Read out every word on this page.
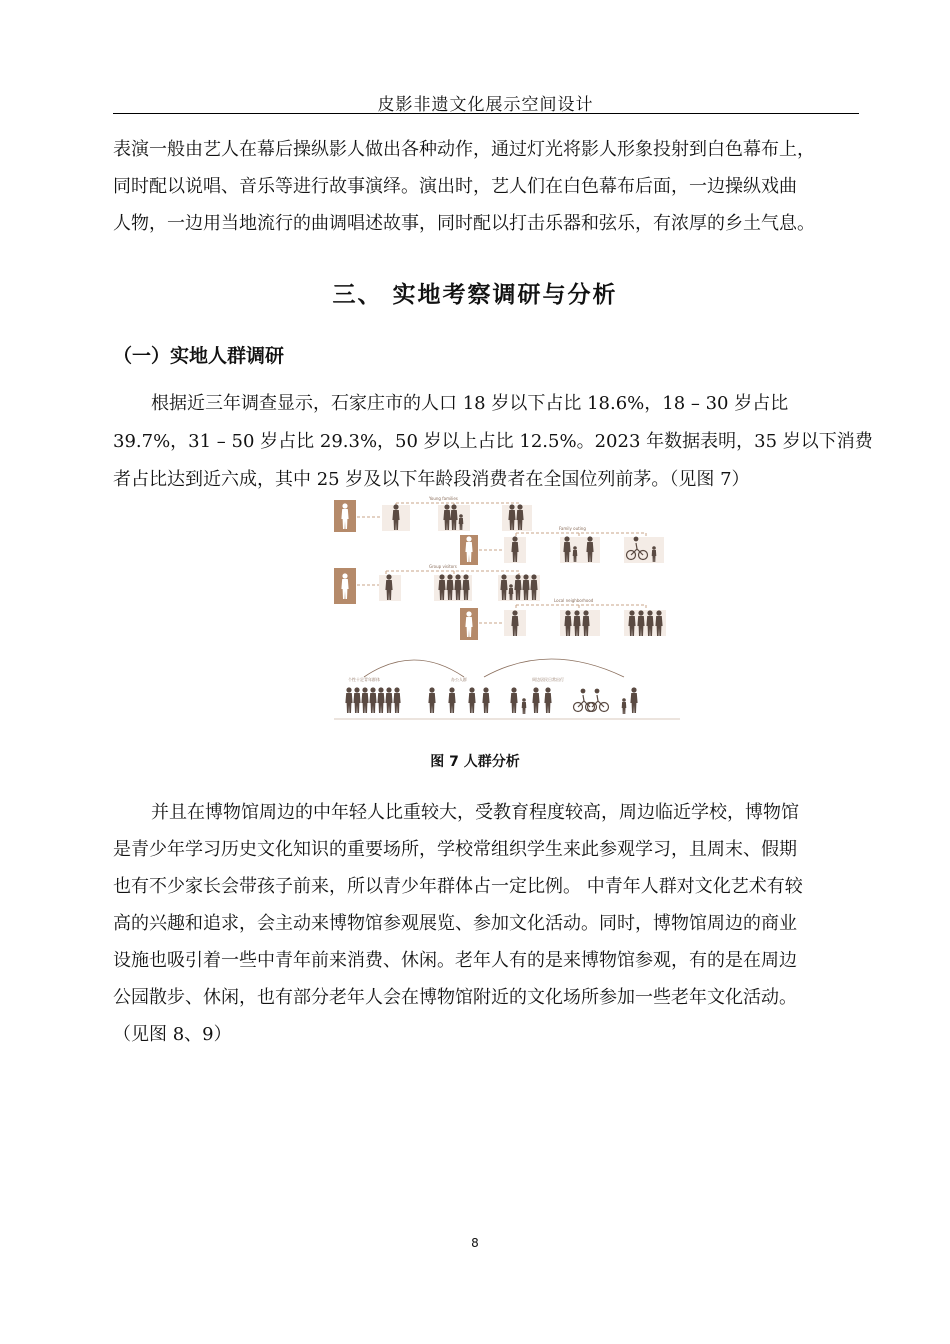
皮影非遗文化展示空间设计
表演一般由艺人在幕后操纵影人做出各种动作，通过灯光将影人形象投射到白色幕布上，
同时配以说唱、音乐等进行故事演绎。演出时，艺人们在白色幕布后面，一边操纵戏曲
人物，一边用当地流行的曲调唱述故事，同时配以打击乐器和弦乐，有浓厚的乡土气息。
三、 实地考察调研与分析
（一）实地人群调研
根据近三年调查显示，石家庄市的人口 18 岁以下占比 18.6%，18 – 30 岁占比
39.7%，31 – 50 岁占比 29.3%，50 岁以上占比 12.5%。2023 年数据表明，35 岁以下消费
者占比达到近六成，其中 25 岁及以下年龄段消费者在全国位列前茅。（见图 7）
Young families
Family outing
Group visitors
Local neighborhood
个性十足青年群体	办公人群	周边居民日常出行
图 7 人群分析
并且在博物馆周边的中年轻人比重较大，受教育程度较高，周边临近学校，博物馆
是青少年学习历史文化知识的重要场所，学校常组织学生来此参观学习，且周末、假期
也有不少家长会带孩子前来，所以青少年群体占一定比例。 中青年人群对文化艺术有较
高的兴趣和追求，会主动来博物馆参观展览、参加文化活动。同时，博物馆周边的商业
设施也吸引着一些中青年前来消费、休闲。老年人有的是来博物馆参观，有的是在周边
公园散步、休闲，也有部分老年人会在博物馆附近的文化场所参加一些老年文化活动。
（见图 8、9）
8
